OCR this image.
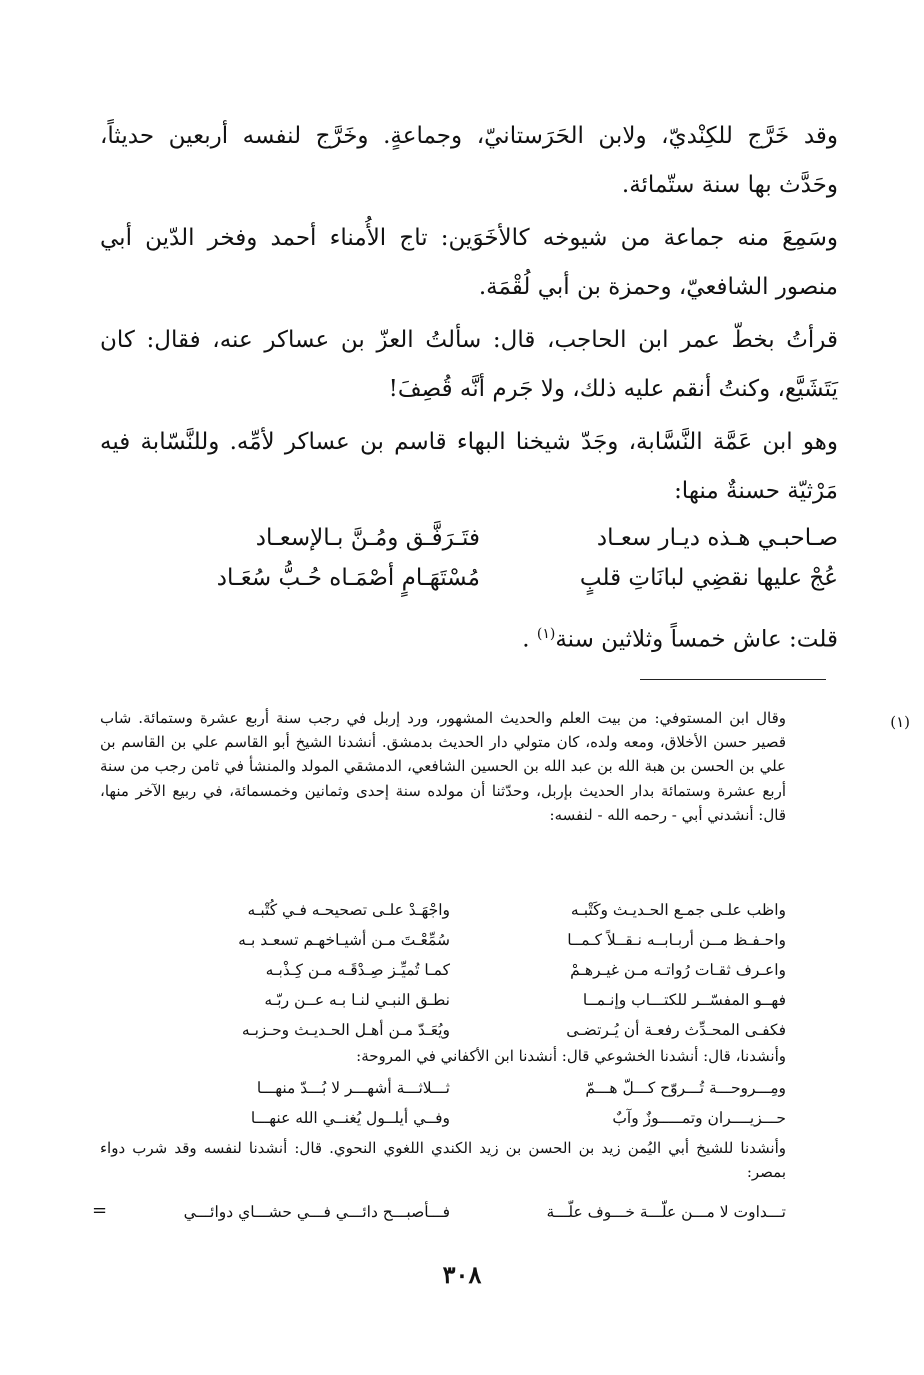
وقد خَرَّج للكِنْديّ، ولابن الحَرَستانيّ، وجماعةٍ. وخَرَّج لنفسه أربعين حديثاً، وحَدَّث بها سنة ستّمائة.
وسَمِعَ منه جماعة من شيوخه كالأخَوَين: تاج الأُمناء أحمد وفخر الدّين أبي منصور الشافعيّ، وحمزة بن أبي لُقْمَة.
قرأتُ بخطّ عمر ابن الحاجب، قال: سألتُ العزّ بن عساكر عنه، فقال: كان يَتَشَيَّع، وكنتُ أنقم عليه ذلك، ولا جَرم أنَّه قُصِفَ!
وهو ابن عَمَّة النَّسَّابة، وجَدّ شيخنا البهاء قاسم بن عساكر لأمِّه. وللنَّسّابة فيه مَرْثيّة حسنةٌ منها:
صـاحبـي هـذه ديـار سعـاد
فتَـرَفَّـق ومُـنَّ بـالإسعـاد
عُجْ عليها نقضِي لبانَاتِ قلبٍ
مُسْتَهَـامٍ أصْمَـاه حُـبُّ سُعَـاد
قلت: عاش خمساً وثلاثين سنة$^{(١)}$ .
(١)
وقال ابن المستوفي: من بيت العلم والحديث المشهور، ورد إربل في رجب سنة أربع عشرة وستمائة. شاب قصير حسن الأخلاق، ومعه ولده، كان متولي دار الحديث بدمشق. أنشدنا الشيخ أبو القاسم علي بن القاسم بن علي بن الحسن بن هبة الله بن عبد الله بن الحسين الشافعي، الدمشقي المولد والمنشأ في ثامن رجب من سنة أربع عشرة وستمائة بدار الحديث بإربل، وحدّثنا أن مولده سنة إحدى وثمانين وخمسمائة، في ربيع الآخر منها، قال: أنشدني أبي - رحمه الله - لنفسه:
واظب علـى جمـع الحـديـث وكَتْبـه
واجْهَـدْ علـى تصحيحـه فـي كُتْبـه
واحـفـظ مــن أربـابــه نـقــلاً كـمــا
سُمِّعْـتَ مـن أشيـاخهـم تسعـد بـه
واعـرف ثقـات رُواتـه مـن غيـرهـمْ
كمـا تُميِّـز صِـدْقَـه مـن كِـذْبـه
فهــو المفسّــر للكتـــاب وإنـمــا
نطـق النبـي لنـا بـه عــن ربّـه
فكفـى المحـدِّث رفعـة أن يُـرتضـى
ويُعَـدّ مـن أهـل الحـديـث وحـزبـه
وأنشدنا، قال: أنشدنا الخشوعي قال: أنشدنا ابن الأكفاني في المروحة:
ومِـــروحـــة تُـــروّح كـــلّ هـــمّ
ثـــلاثـــة أشهـــر لا بُـــدّ منهـــا
حـــزيــــران وتمـــــوزٌ وآبٌ
وفــي أيلــول يُغنــي الله عنهـــا
وأنشدنا للشيخ أبي اليُمن زيد بن الحسن بن زيد الكندي اللغوي النحوي. قال: أنشدنا لنفسه وقد شرب دواء بمصر:
تـــداوت لا مـــن علّـــة خـــوف علّـــة
فـــأصبـــح دائـــي فـــي حشـــاي دوائـــي
=
٣٠٨
